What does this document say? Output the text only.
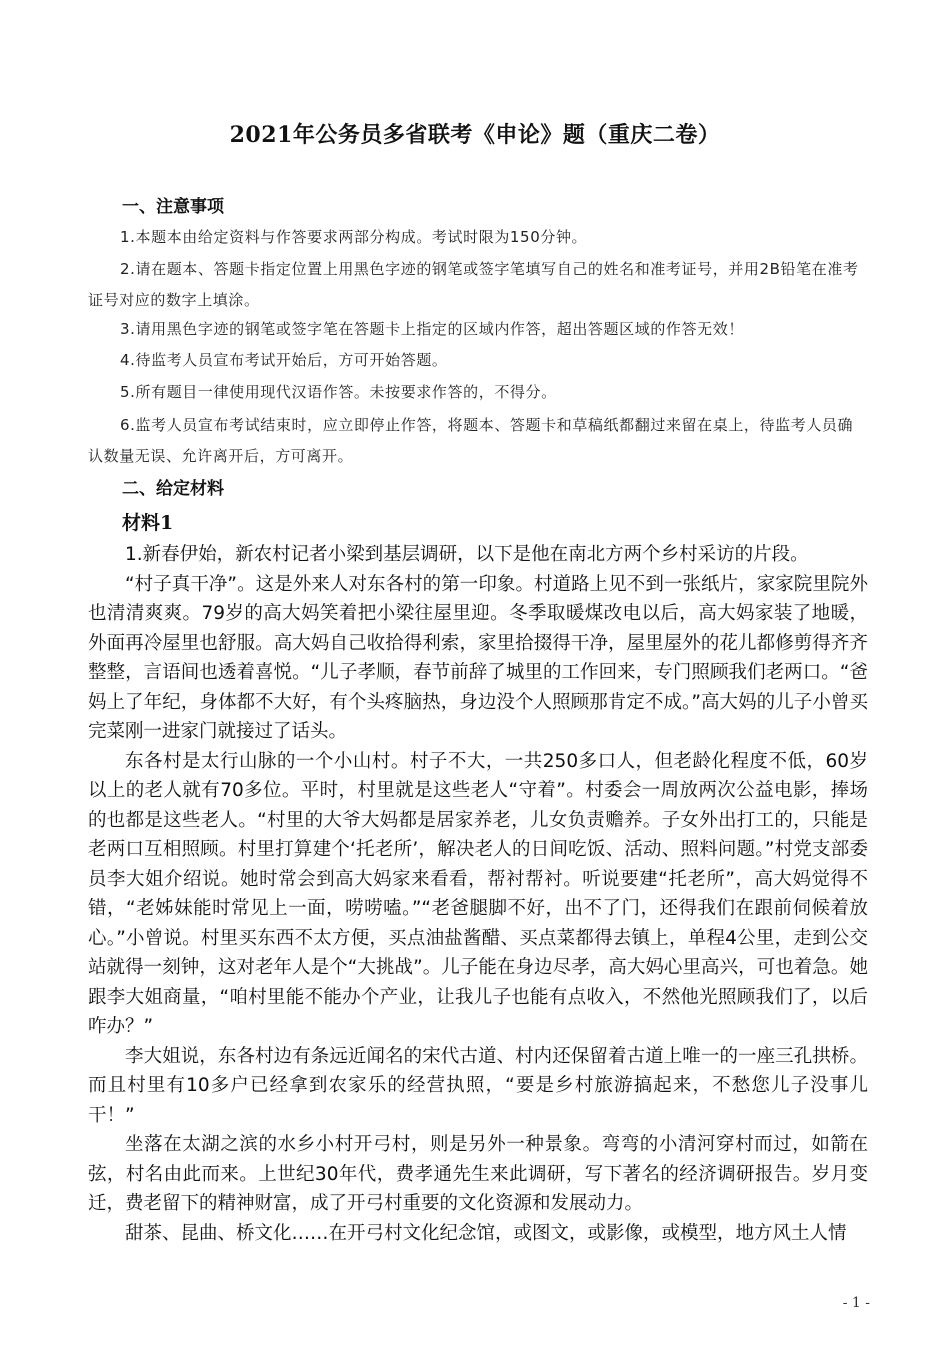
2021年公务员多省联考《申论》题（重庆二卷）
一、注意事项
1.本题本由给定资料与作答要求两部分构成。考试时限为150分钟。
2.请在题本、答题卡指定位置上用黑色字迹的钢笔或签字笔填写自己的姓名和准考证号，并用2B铅笔在准考证号对应的数字上填涂。
3.请用黑色字迹的钢笔或签字笔在答题卡上指定的区域内作答，超出答题区域的作答无效！
4.待监考人员宣布考试开始后，方可开始答题。
5.所有题目一律使用现代汉语作答。未按要求作答的，不得分。
6.监考人员宣布考试结束时，应立即停止作答，将题本、答题卡和草稿纸都翻过来留在桌上，待监考人员确认数量无误、允许离开后，方可离开。
二、给定材料
材料1

1.新春伊始，新农村记者小梁到基层调研，以下是他在南北方两个乡村采访的片段。

“村子真干净”。这是外来人对东各村的第一印象。村道路上见不到一张纸片，家家院里院外也清清爽爽。79岁的高大妈笑着把小梁往屋里迎。冬季取暖煤改电以后，高大妈家装了地暖，外面再冷屋里也舒服。高大妈自己收拾得利索，家里拾掇得干净，屋里屋外的花儿都修剪得齐齐整整，言语间也透着喜悦。“儿子孝顺，春节前辞了城里的工作回来，专门照顾我们老两口。“爸妈上了年纪，身体都不大好，有个头疼脑热，身边没个人照顾那肯定不成。”高大妈的儿子小曾买完菜刚一进家门就接过了话头。

东各村是太行山脉的一个小山村。村子不大，一共250多口人，但老龄化程度不低，60岁以上的老人就有70多位。平时，村里就是这些老人“守着”。村委会一周放两次公益电影，捧场的也都是这些老人。“村里的大爷大妈都是居家养老，儿女负责赡养。子女外出打工的，只能是老两口互相照顾。村里打算建个‘托老所’，解决老人的日间吃饭、活动、照料问题。”村党支部委员李大姐介绍说。她时常会到高大妈家来看看，帮衬帮衬。听说要建“托老所”，高大妈觉得不错，“老姊妹能时常见上一面，唠唠嗑。”“老爸腿脚不好，出不了门，还得我们在跟前伺候着放心。”小曾说。村里买东西不太方便，买点油盐酱醋、买点菜都得去镇上，单程4公里，走到公交站就得一刻钟，这对老年人是个“大挑战”。儿子能在身边尽孝，高大妈心里高兴，可也着急。她跟李大姐商量，“咱村里能不能办个产业，让我儿子也能有点收入，不然他光照顾我们了，以后咋办？”

李大姐说，东各村边有条远近闻名的宋代古道、村内还保留着古道上唯一的一座三孔拱桥。而且村里有10多户已经拿到农家乐的经营执照，“要是乡村旅游搞起来，不愁您儿子没事儿干！”

坐落在太湖之滨的水乡小村开弓村，则是另外一种景象。弯弯的小清河穿村而过，如箭在弦，村名由此而来。上世纪30年代，费孝通先生来此调研，写下著名的经济调研报告。岁月变迁，费老留下的精神财富，成了开弓村重要的文化资源和发展动力。

甜茶、昆曲、桥文化……在开弓村文化纪念馆，或图文，或影像，或模型，地方风土人情

- 1 -
